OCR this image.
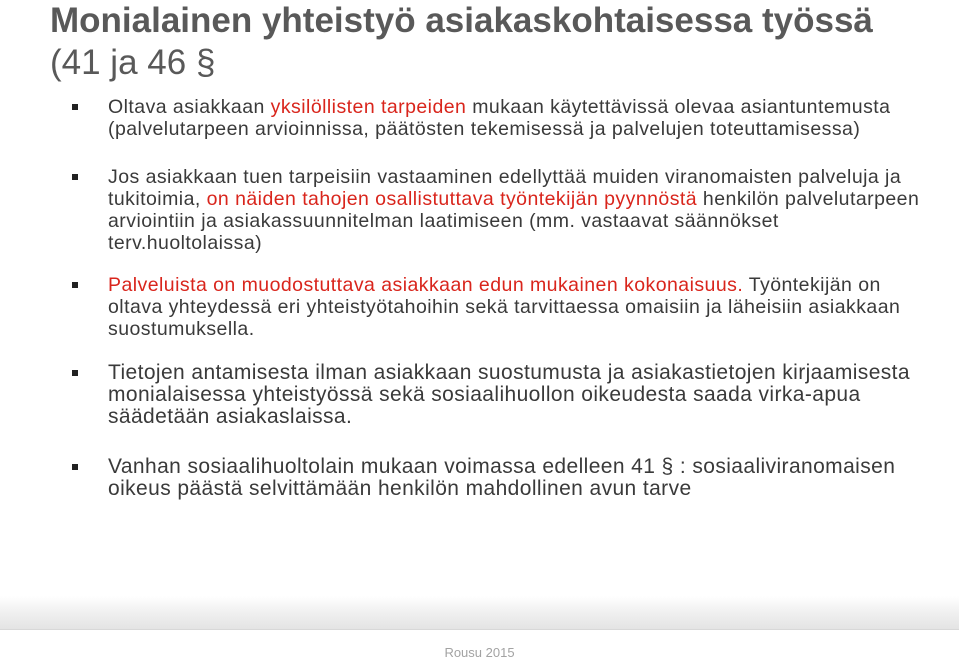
Monialainen yhteistyö asiakaskohtaisessa työssä (41 ja 46 §
Oltava asiakkaan yksilöllisten tarpeiden mukaan käytettävissä olevaa asiantuntemusta (palvelutarpeen arvioinnissa, päätösten tekemisessä ja palvelujen toteuttamisessa)
Jos asiakkaan tuen tarpeisiin vastaaminen edellyttää muiden viranomaisten palveluja ja tukitoimia, on näiden tahojen osallistuttava työntekijän pyynnöstä henkilön palvelutarpeen arviointiin ja asiakassuunnitelman laatimiseen (mm. vastaavat säännökset terv.huoltolaissa)
Palveluista on muodostuttava asiakkaan edun mukainen kokonaisuus. Työntekijän on oltava yhteydessä eri yhteistyötahoihin sekä tarvittaessa omaisiin ja läheisiin asiakkaan suostumuksella.
Tietojen antamisesta ilman asiakkaan suostumusta ja asiakastietojen kirjaamisesta monialaisessa yhteistyössä sekä sosiaalihuollon oikeudesta saada virka-apua säädetään asiakaslaissa.
Vanhan sosiaalihuoltolain mukaan voimassa edelleen 41 § : sosiaaliviranomaisen oikeus päästä selvittämään henkilön mahdollinen avun tarve
Rousu 2015
